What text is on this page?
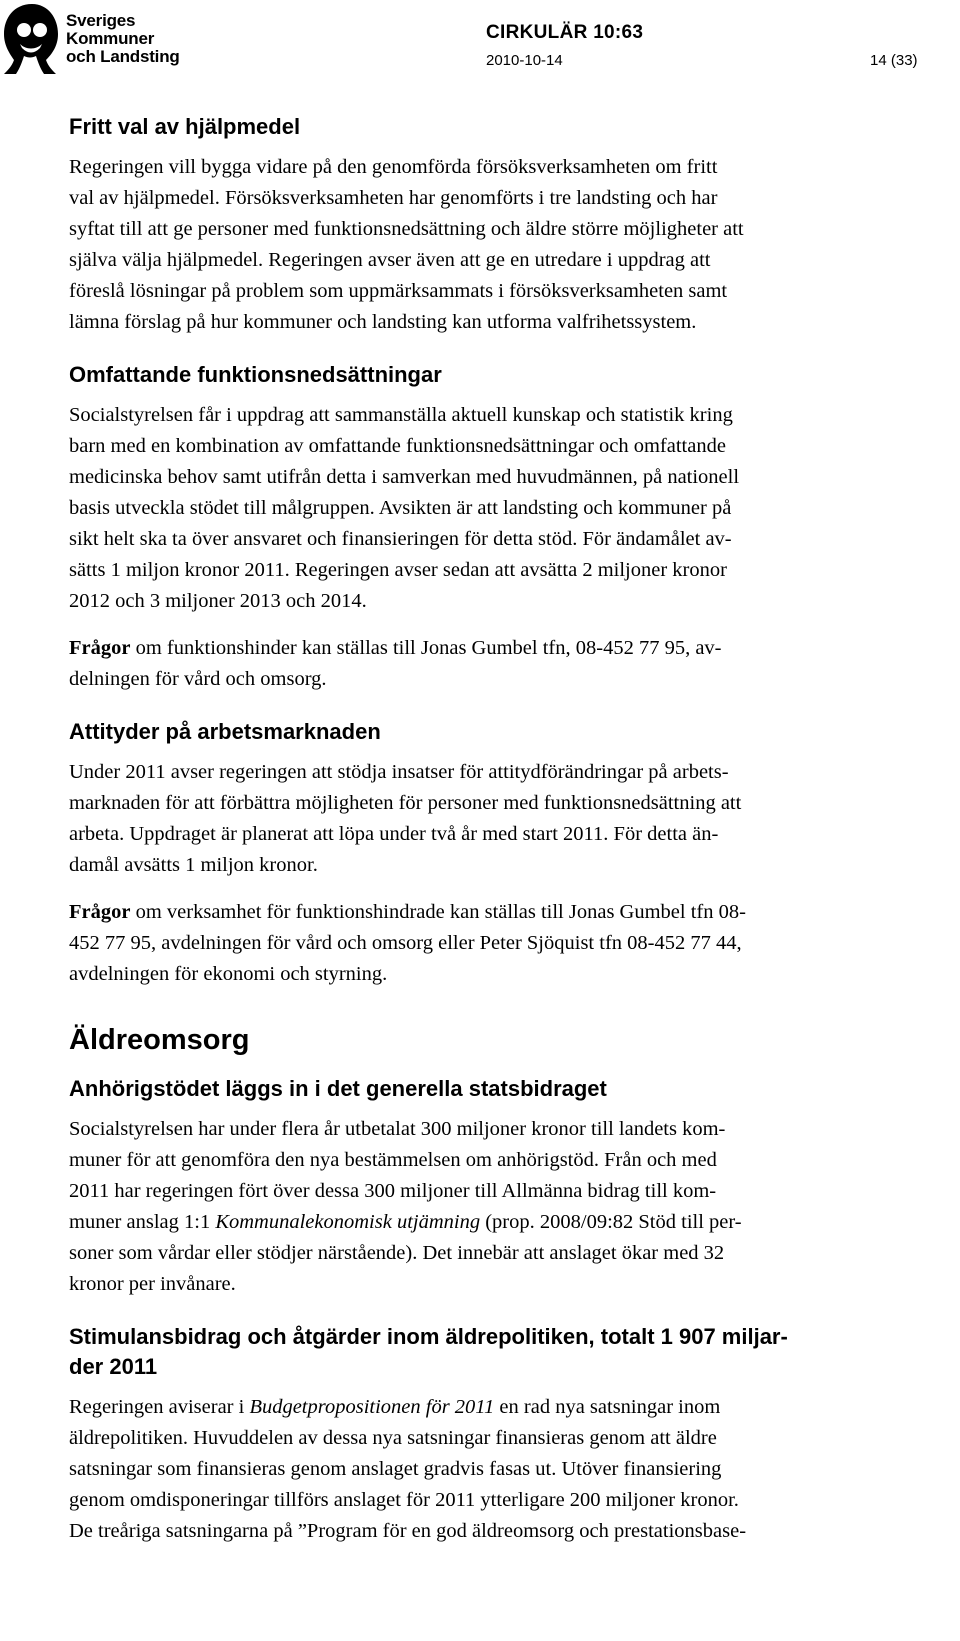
Sveriges
Kommuner
och Landsting
CIRKULÄR 10:63
2010-10-14	14 (33)
Fritt val av hjälpmedel

Regeringen vill bygga vidare på den genomförda försöksverksamheten om fritt
val av hjälpmedel. Försöksverksamheten har genomförts i tre landsting och har
syftat till att ge personer med funktionsnedsättning och äldre större möjligheter att
själva välja hjälpmedel. Regeringen avser även att ge en utredare i uppdrag att
föreslå lösningar på problem som uppmärksammats i försöksverksamheten samt
lämna förslag på hur kommuner och landsting kan utforma valfrihetssystem.

Omfattande funktionsnedsättningar

Socialstyrelsen får i uppdrag att sammanställa aktuell kunskap och statistik kring
barn med en kombination av omfattande funktionsnedsättningar och omfattande
medicinska behov samt utifrån detta i samverkan med huvudmännen, på nationell
basis utveckla stödet till målgruppen. Avsikten är att landsting och kommuner på
sikt helt ska ta över ansvaret och finansieringen för detta stöd. För ändamålet av-
sätts 1 miljon kronor 2011. Regeringen avser sedan att avsätta 2 miljoner kronor
2012 och 3 miljoner 2013 och 2014.

Frågor om funktionshinder kan ställas till Jonas Gumbel tfn, 08-452 77 95, av-
delningen för vård och omsorg.

Attityder på arbetsmarknaden

Under 2011 avser regeringen att stödja insatser för attitydförändringar på arbets-
marknaden för att förbättra möjligheten för personer med funktionsnedsättning att
arbeta. Uppdraget är planerat att löpa under två år med start 2011. För detta än-
damål avsätts 1 miljon kronor.

Frågor om verksamhet för funktionshindrade kan ställas till Jonas Gumbel tfn 08-
452 77 95, avdelningen för vård och omsorg eller Peter Sjöquist tfn 08-452 77 44,
avdelningen för ekonomi och styrning.

Äldreomsorg
Anhörigstödet läggs in i det generella statsbidraget

Socialstyrelsen har under flera år utbetalat 300 miljoner kronor till landets kom-
muner för att genomföra den nya bestämmelsen om anhörigstöd. Från och med
2011 har regeringen fört över dessa 300 miljoner till Allmänna bidrag till kom-
muner anslag 1:1 Kommunalekonomisk utjämning (prop. 2008/09:82 Stöd till per-
soner som vårdar eller stödjer närstående). Det innebär att anslaget ökar med 32
kronor per invånare.

Stimulansbidrag och åtgärder inom äldrepolitiken, totalt 1 907 miljar-
der 2011

Regeringen aviserar i Budgetpropositionen för 2011 en rad nya satsningar inom
äldrepolitiken. Huvuddelen av dessa nya satsningar finansieras genom att äldre
satsningar som finansieras genom anslaget gradvis fasas ut. Utöver finansiering
genom omdisponeringar tillförs anslaget för 2011 ytterligare 200 miljoner kronor.
De treåriga satsningarna på ”Program för en god äldreomsorg och prestationsbase-
